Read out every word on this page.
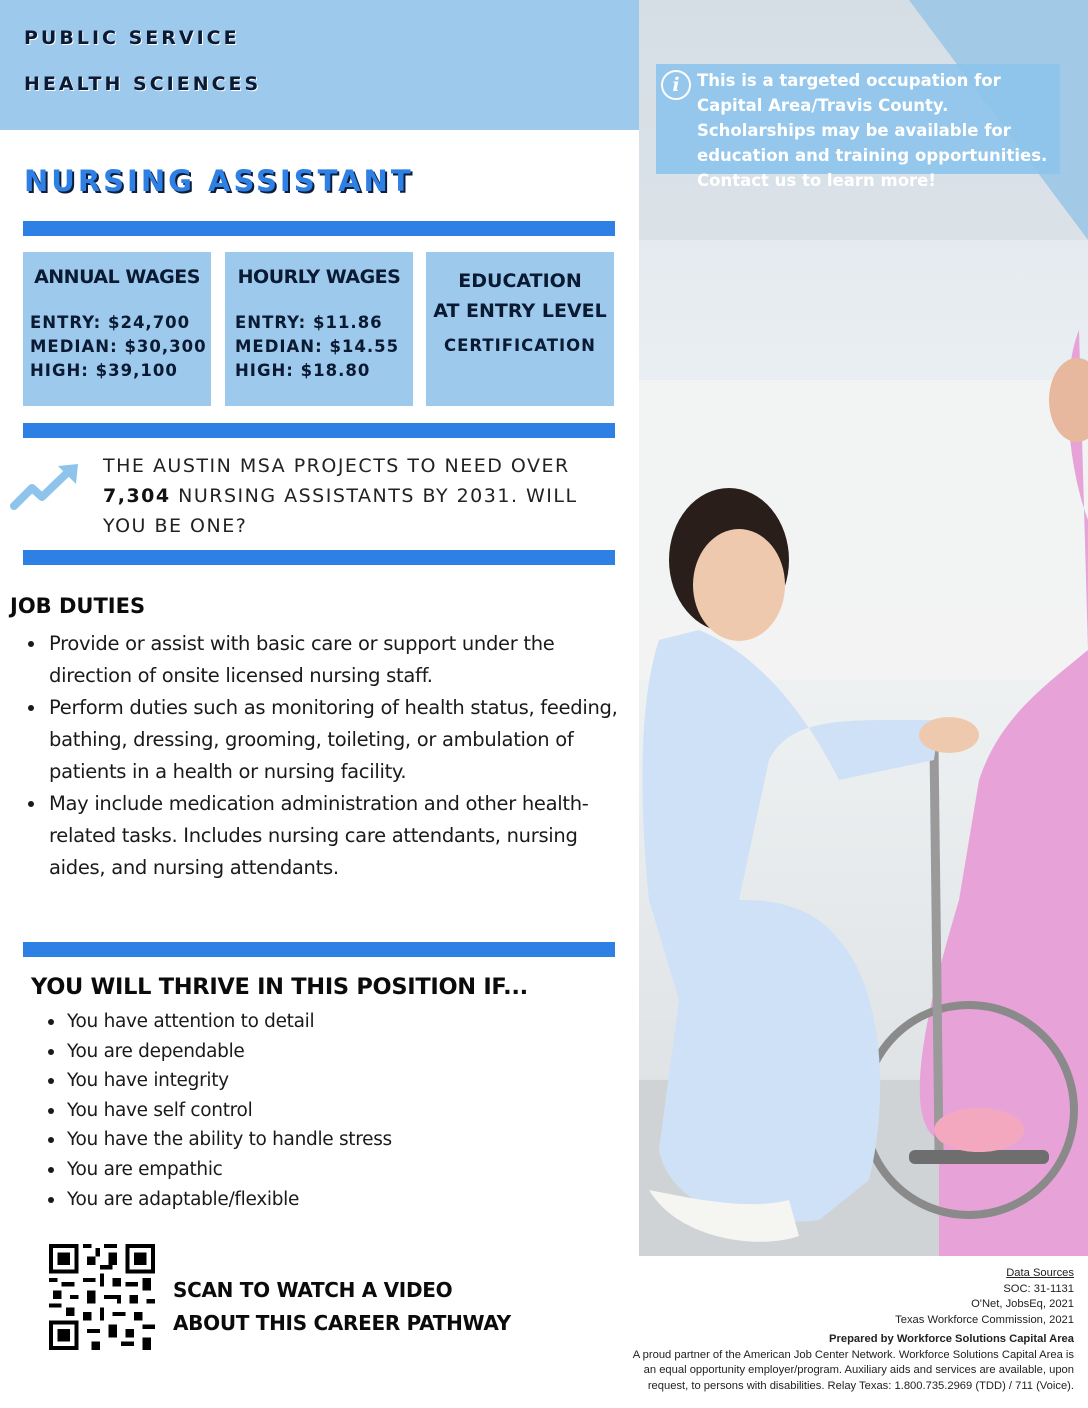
PUBLIC SERVICE
HEALTH SCIENCES	i	This is a targeted occupation for Capital Area/Travis County. Scholarships may be available for education and training opportunities. Contact us to learn more!
NURSING ASSISTANT
ANNUAL WAGES
ENTRY: $24,700
MEDIAN: $30,300
HIGH: $39,100
HOURLY WAGES
ENTRY: $11.86
MEDIAN: $14.55
HIGH: $18.80
EDUCATION
AT ENTRY LEVEL
CERTIFICATION
THE AUSTIN MSA PROJECTS TO NEED OVER
7,304 NURSING ASSISTANTS BY 2031. WILL YOU BE ONE?
JOB DUTIES
Provide or assist with basic care or support under the direction of onsite licensed nursing staff.
Perform duties such as monitoring of health status, feeding, bathing, dressing, grooming, toileting, or ambulation of patients in a health or nursing facility.
May include medication administration and other health-related tasks. Includes nursing care attendants, nursing aides, and nursing attendants.
YOU WILL THRIVE IN THIS POSITION IF...
You have attention to detail
You are dependable
You have integrity
You have self control
You have the ability to handle stress
You are empathic
You are adaptable/flexible
SCAN TO WATCH A VIDEO
ABOUT THIS CAREER PATHWAY
Data Sources
SOC: 31-1131
O'Net, JobsEq, 2021
Texas Workforce Commission, 2021
Prepared by Workforce Solutions Capital Area
A proud partner of the American Job Center Network. Workforce Solutions Capital Area is
an equal opportunity employer/program. Auxiliary aids and services are available, upon
request, to persons with disabilities. Relay Texas: 1.800.735.2969 (TDD) / 711 (Voice).
